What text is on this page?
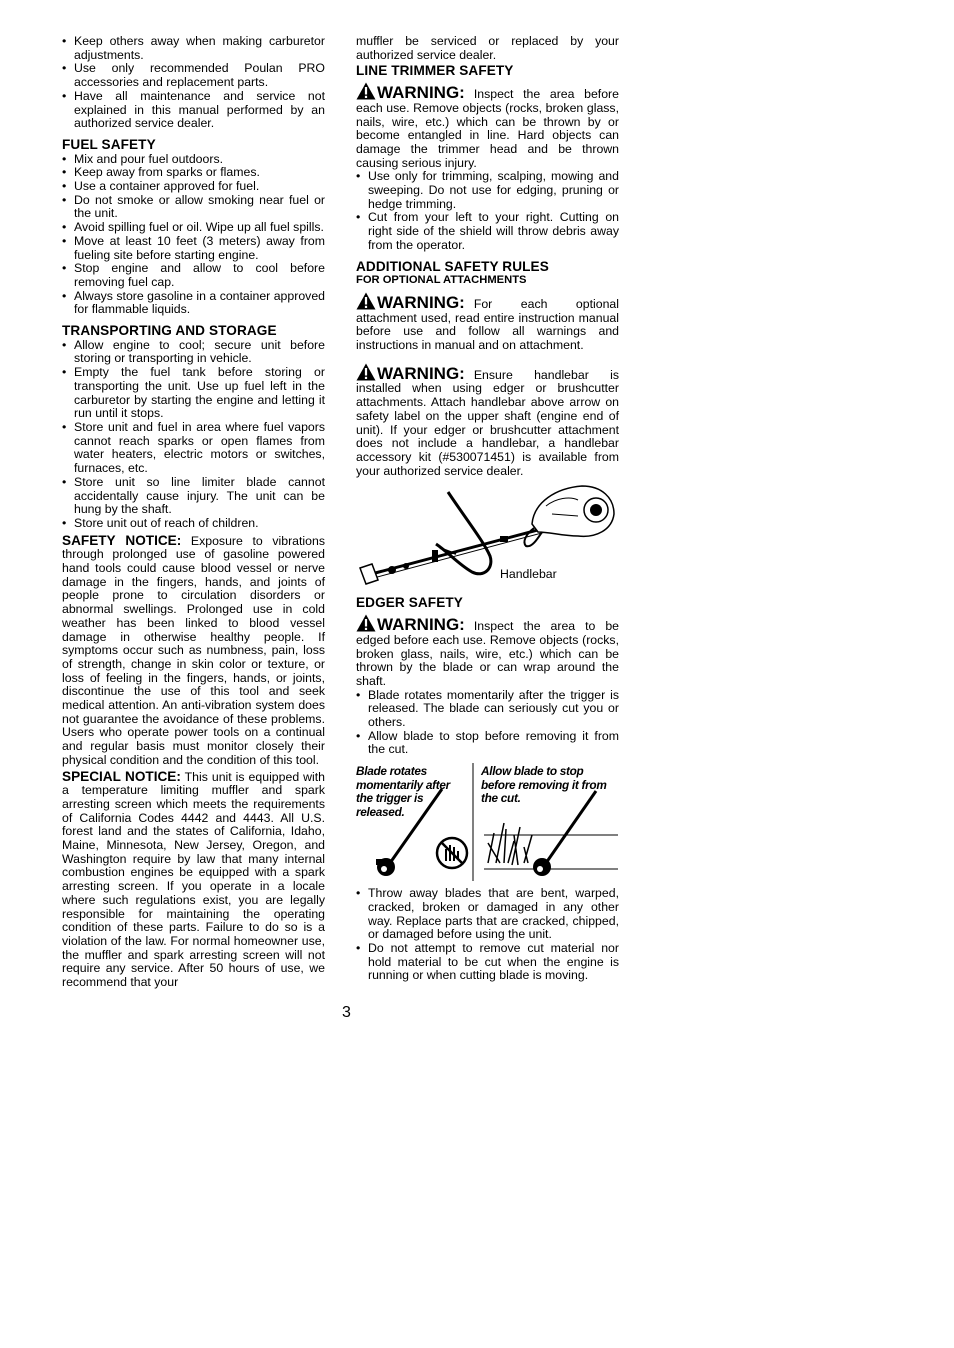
• Keep others away when making carburetor adjustments.
• Use only recommended Poulan PRO accessories and replacement parts.
• Have all maintenance and service not explained in this manual performed by an authorized service dealer.
FUEL SAFETY
• Mix and pour fuel outdoors.
• Keep away from sparks or flames.
• Use a container approved for fuel.
• Do not smoke or allow smoking near fuel or the unit.
• Avoid spilling fuel or oil. Wipe up all fuel spills.
• Move at least 10 feet (3 meters) away from fueling site before starting engine.
• Stop engine and allow to cool before removing fuel cap.
• Always store gasoline in a container approved for flammable liquids.
TRANSPORTING AND STORAGE
• Allow engine to cool; secure unit before storing or transporting in vehicle.
• Empty the fuel tank before storing or transporting the unit. Use up fuel left in the carburetor by starting the engine and letting it run until it stops.
• Store unit and fuel in area where fuel vapors cannot reach sparks or open flames from water heaters, electric motors or switches, furnaces, etc.
• Store unit so line limiter blade cannot accidentally cause injury. The unit can be hung by the shaft.
• Store unit out of reach of children.

SAFETY NOTICE: Exposure to vibrations through prolonged use of gasoline powered hand tools could cause blood vessel or nerve damage in the fingers, hands, and joints of people prone to circulation disorders or abnormal swellings. Prolonged use in cold weather has been linked to blood vessel damage in otherwise healthy people. If symptoms occur such as numbness, pain, loss of strength, change in skin color or texture, or loss of feeling in the fingers, hands, or joints, discontinue the use of this tool and seek medical attention. An anti-vibration system does not guarantee the avoidance of these problems. Users who operate power tools on a continual and regular basis must monitor closely their physical condition and the condition of this tool.

SPECIAL NOTICE: This unit is equipped with a temperature limiting muffler and spark arresting screen which meets the requirements of California Codes 4442 and 4443. All U.S. forest land and the states of California, Idaho, Maine, Minnesota, New Jersey, Oregon, and Washington require by law that many internal combustion engines be equipped with a spark arresting screen. If you operate in a locale where such regulations exist, you are legally responsible for maintaining the operating condition of these parts. Failure to do so is a violation of the law. For normal homeowner use, the muffler and spark arresting screen will not require any service. After 50 hours of use, we recommend that your

muffler be serviced or replaced by your authorized service dealer.

LINE TRIMMER SAFETY

WARNING: Inspect the area before each use. Remove objects (rocks, broken glass, nails, wire, etc.) which can be thrown by or become entangled in line. Hard objects can damage the trimmer head and be thrown causing serious injury.

• Use only for trimming, scalping, mowing and sweeping. Do not use for edging, pruning or hedge trimming.
• Cut from your left to your right. Cutting on right side of the shield will throw debris away from the operator.
ADDITIONAL SAFETY RULES
FOR OPTIONAL ATTACHMENTS

WARNING: For each optional attachment used, read entire instruction manual before use and follow all warnings and instructions in manual and on attachment.

WARNING: Ensure handlebar is installed when using edger or brushcutter attachments. Attach handlebar above arrow on safety label on the upper shaft (engine end of unit). If your edger or brushcutter attachment does not include a handlebar, a handlebar accessory kit (#530071451) is available from your authorized service dealer.

Handlebar
EDGER SAFETY

WARNING: Inspect the area to be edged before each use. Remove objects (rocks, broken glass, nails, wire, etc.) which can be thrown by the blade or can wrap around the shaft.

• Blade rotates momentarily after the trigger is released. The blade can seriously cut you or others.
• Allow blade to stop before removing it from the cut.
Blade rotates momentarily after the trigger is released.
Allow blade to stop before removing it from the cut.
• Throw away blades that are bent, warped, cracked, broken or damaged in any other way. Replace parts that are cracked, chipped, or damaged before using the unit.
• Do not attempt to remove cut material nor hold material to be cut when the engine is running or when cutting blade is moving.
3
